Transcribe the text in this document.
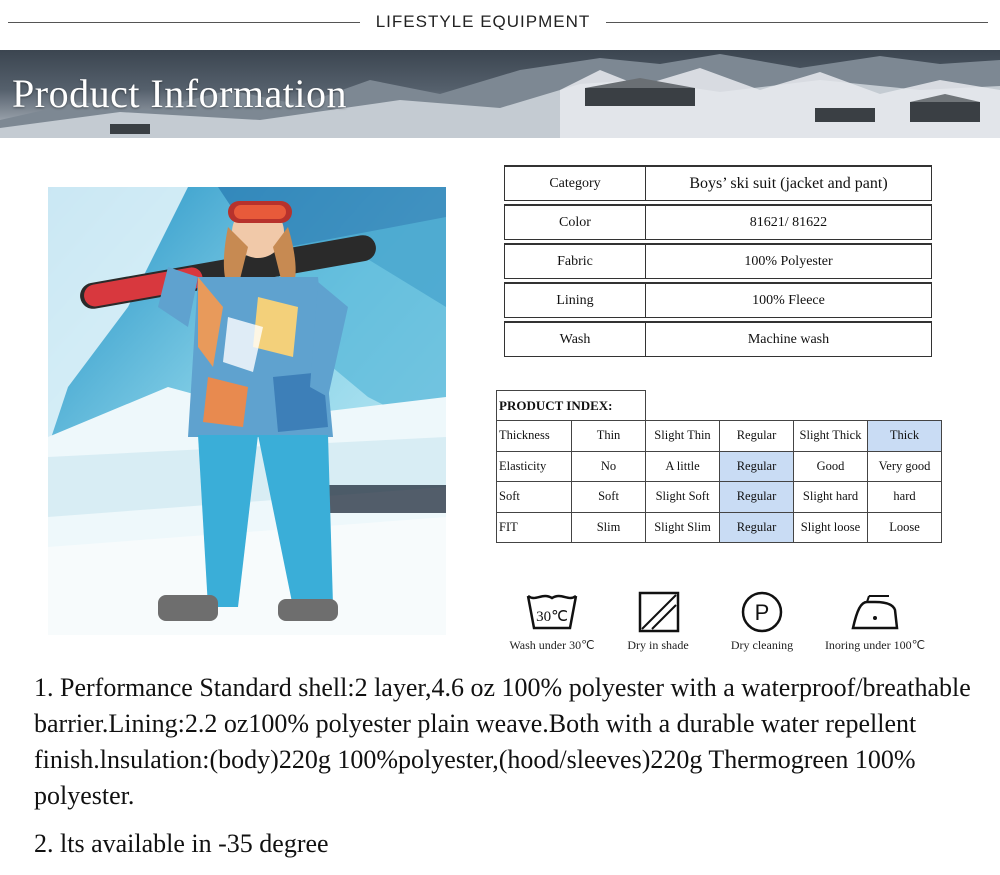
LIFESTYLE EQUIPMENT
Product Information
Category	Boys’ ski suit (jacket and pant)
Color	81621/ 81622
Fabric	100% Polyester
Lining	100% Fleece
Wash	Machine wash
PRODUCT INDEX:					
Thickness	Thin	Slight Thin	Regular	Slight Thick	Thick
Elasticity	No	A little	Regular	Good	Very good
Soft	Soft	Slight Soft	Regular	Slight hard	hard
FIT	Slim	Slight Slim	Regular	Slight loose	Loose
30℃
Wash under 30℃	Dry in shade
P
Dry cleaning	Inoring under 100℃
1. Performance Standard shell:2 layer,4.6 oz 100% polyester with a waterproof/breathable barrier.Lining:2.2 oz100% polyester plain weave.Both with a durable water repellent finish.lnsulation:(body)220g 100%polyester,(hood/sleeves)220g Thermogreen 100% polyester.
2. lts available in -35 degree
